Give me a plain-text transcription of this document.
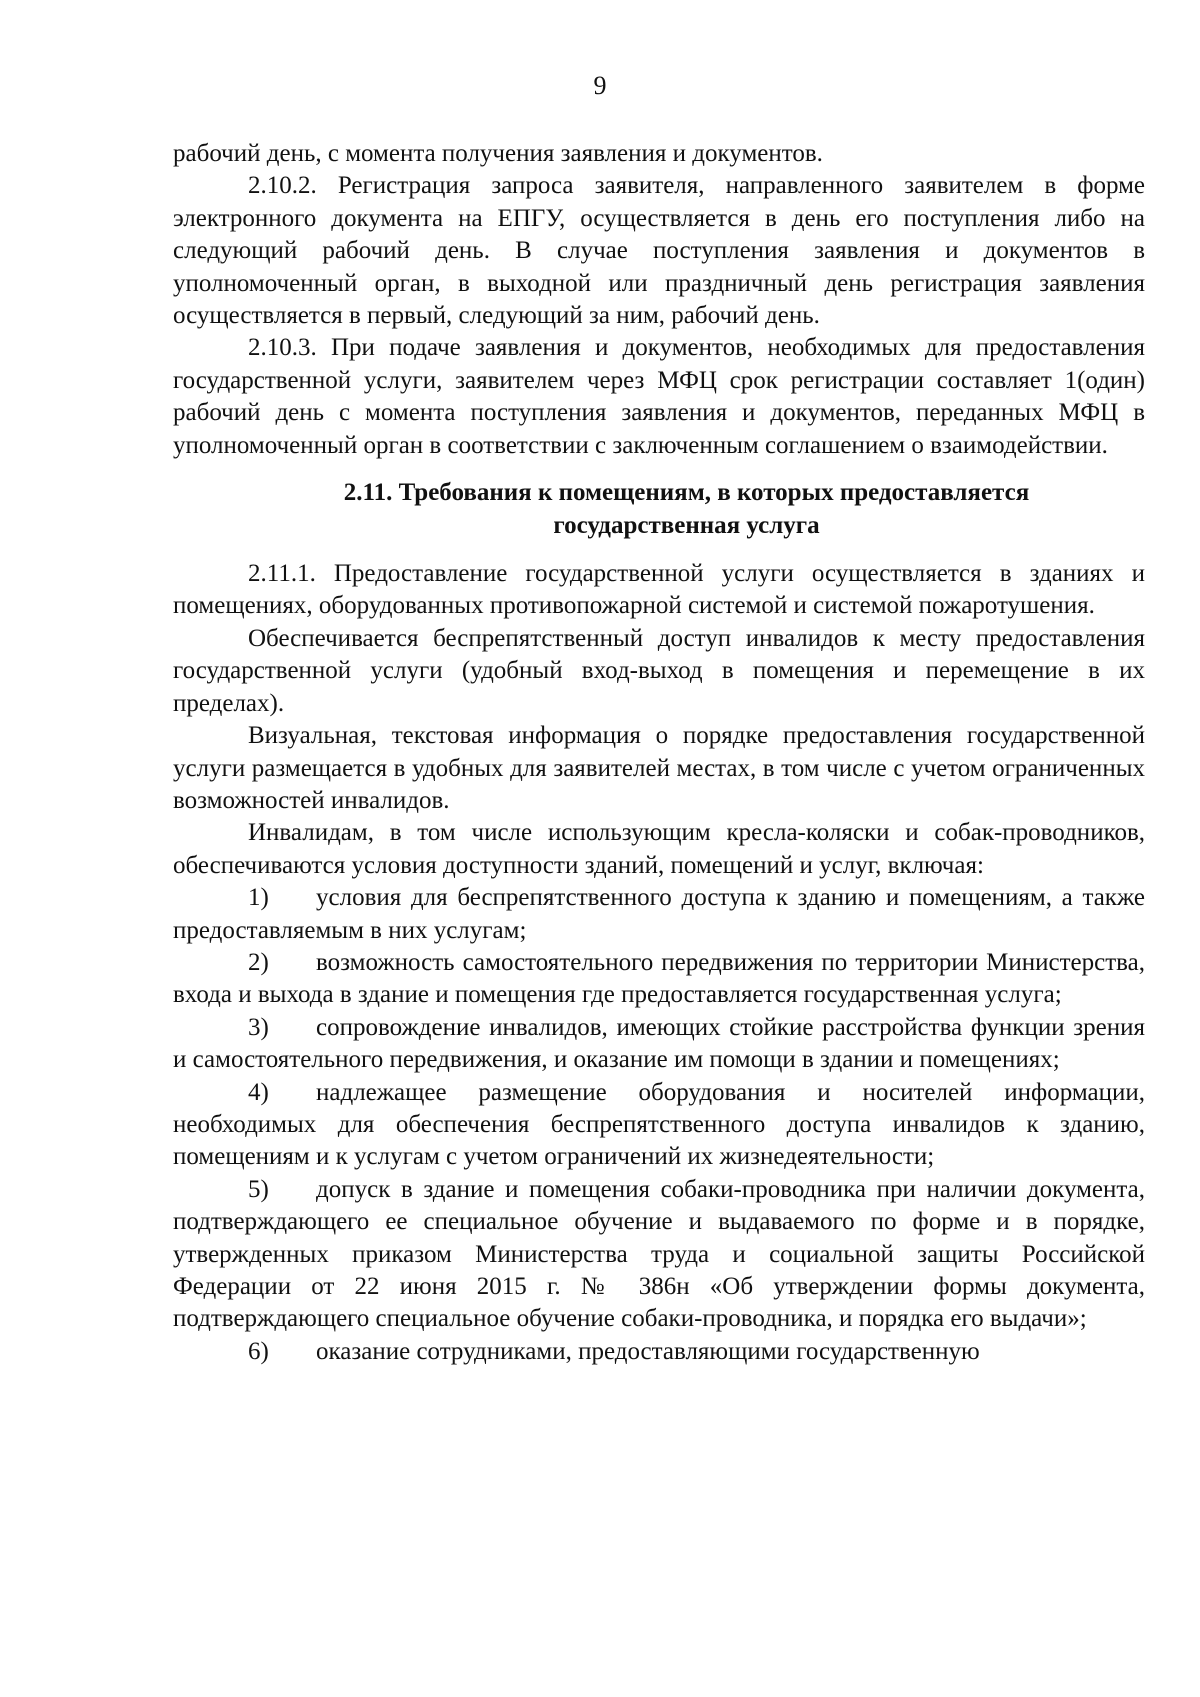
9

рабочий день, с момента получения заявления и документов.

2.10.2. Регистрация запроса заявителя, направленного заявителем в форме электронного документа на ЕПГУ, осуществляется в день его поступления либо на следующий рабочий день. В случае поступления заявления и документов в уполномоченный орган, в выходной или праздничный день регистрация заявления осуществляется в первый, следующий за ним, рабочий день.

2.10.3. При подаче заявления и документов, необходимых для предоставления государственной услуги, заявителем через МФЦ срок регистрации составляет 1(один) рабочий день с момента поступления заявления и документов, переданных МФЦ в уполномоченный орган в соответствии с заключенным соглашением о взаимодействии.

2.11. Требования к помещениям, в которых предоставляется
государственная услуга

2.11.1. Предоставление государственной услуги осуществляется в зданиях и помещениях, оборудованных противопожарной системой и системой пожаротушения.

Обеспечивается беспрепятственный доступ инвалидов к месту предоставления государственной услуги (удобный вход-выход в помещения и перемещение в их пределах).

Визуальная, текстовая информация о порядке предоставления государственной услуги размещается в удобных для заявителей местах, в том числе с учетом ограниченных возможностей инвалидов.

Инвалидам, в том числе использующим кресла-коляски и собак-проводников, обеспечиваются условия доступности зданий, помещений и услуг, включая:

1) условия для беспрепятственного доступа к зданию и помещениям, а также предоставляемым в них услугам;

2) возможность самостоятельного передвижения по территории Министерства, входа и выхода в здание и помещения где предоставляется государственная услуга;

3) сопровождение инвалидов, имеющих стойкие расстройства функции зрения и самостоятельного передвижения, и оказание им помощи в здании и помещениях;

4) надлежащее размещение оборудования и носителей информации, необходимых для обеспечения беспрепятственного доступа инвалидов к зданию, помещениям и к услугам с учетом ограничений их жизнедеятельности;

5) допуск в здание и помещения собаки-проводника при наличии документа, подтверждающего ее специальное обучение и выдаваемого по форме и в порядке, утвержденных приказом Министерства труда и социальной защиты Российской Федерации от 22 июня 2015 г. № 386н «Об утверждении формы документа, подтверждающего специальное обучение собаки-проводника, и порядка его выдачи»;

6) оказание сотрудниками, предоставляющими государственную
